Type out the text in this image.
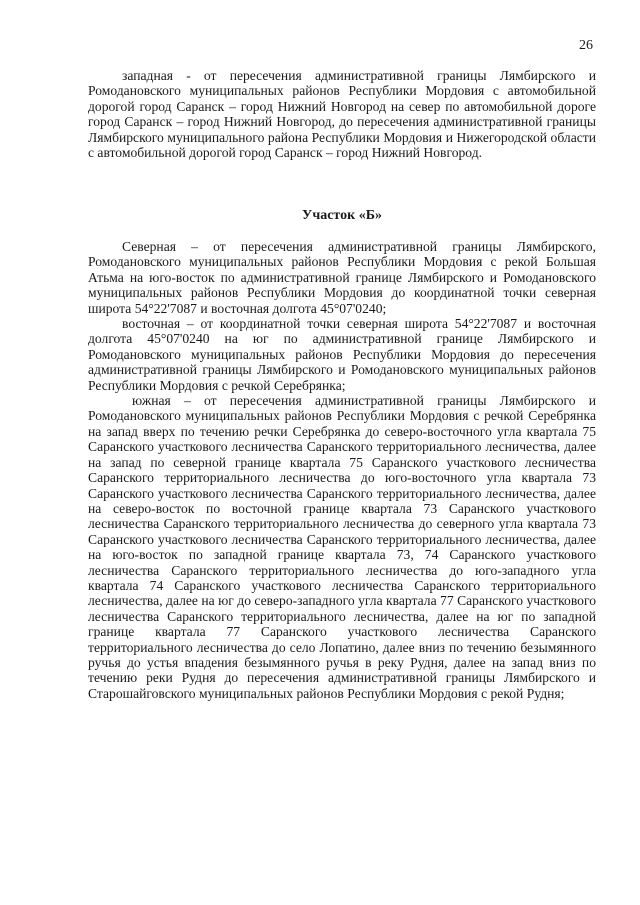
26

западная - от пересечения административной границы Лямбирского и Ромодановского муниципальных районов Республики Мордовия с автомобильной дорогой город Саранск – город Нижний Новгород на север по автомобильной дороге город Саранск – город Нижний Новгород, до пересечения административной границы Лямбирского муниципального района Республики Мордовия и Нижегородской области с автомобильной дорогой город Саранск – город Нижний Новгород.

Участок «Б»

Северная – от пересечения административной границы Лямбирского, Ромодановского муниципальных районов Республики Мордовия с рекой Большая Атьма на юго-восток по административной границе Лямбирского и Ромодановского муниципальных районов Республики Мордовия до координатной точки северная широта 54°22'7087 и восточная долгота 45°07'0240;

восточная – от координатной точки северная широта 54°22'7087 и восточная долгота 45°07'0240 на юг по административной границе Лямбирского и Ромодановского муниципальных районов Республики Мордовия до пересечения административной границы Лямбирского и Ромодановского муниципальных районов Республики Мордовия с речкой Серебрянка;

южная – от пересечения административной границы Лямбирского и Ромодановского муниципальных районов Республики Мордовия с речкой Серебрянка на запад вверх по течению речки Серебрянка до северо-восточного угла квартала 75 Саранского участкового лесничества Саранского территориального лесничества, далее на запад по северной границе квартала 75 Саранского участкового лесничества Саранского территориального лесничества до юго-восточного угла квартала 73 Саранского участкового лесничества Саранского территориального лесничества, далее на северо-восток по восточной границе квартала 73 Саранского участкового лесничества Саранского территориального лесничества до северного угла квартала 73 Саранского участкового лесничества Саранского территориального лесничества, далее на юго-восток по западной границе квартала 73, 74 Саранского участкового лесничества Саранского территориального лесничества до юго-западного угла квартала 74 Саранского участкового лесничества Саранского территориального лесничества, далее на юг до северо-западного угла квартала 77 Саранского участкового лесничества Саранского территориального лесничества, далее на юг по западной границе квартала 77 Саранского участкового лесничества Саранского территориального лесничества до село Лопатино, далее вниз по течению безымянного ручья до устья впадения безымянного ручья в реку Рудня, далее на запад вниз по течению реки Рудня до пересечения административной границы Лямбирского и Старошайговского муниципальных районов Республики Мордовия с рекой Рудня;
